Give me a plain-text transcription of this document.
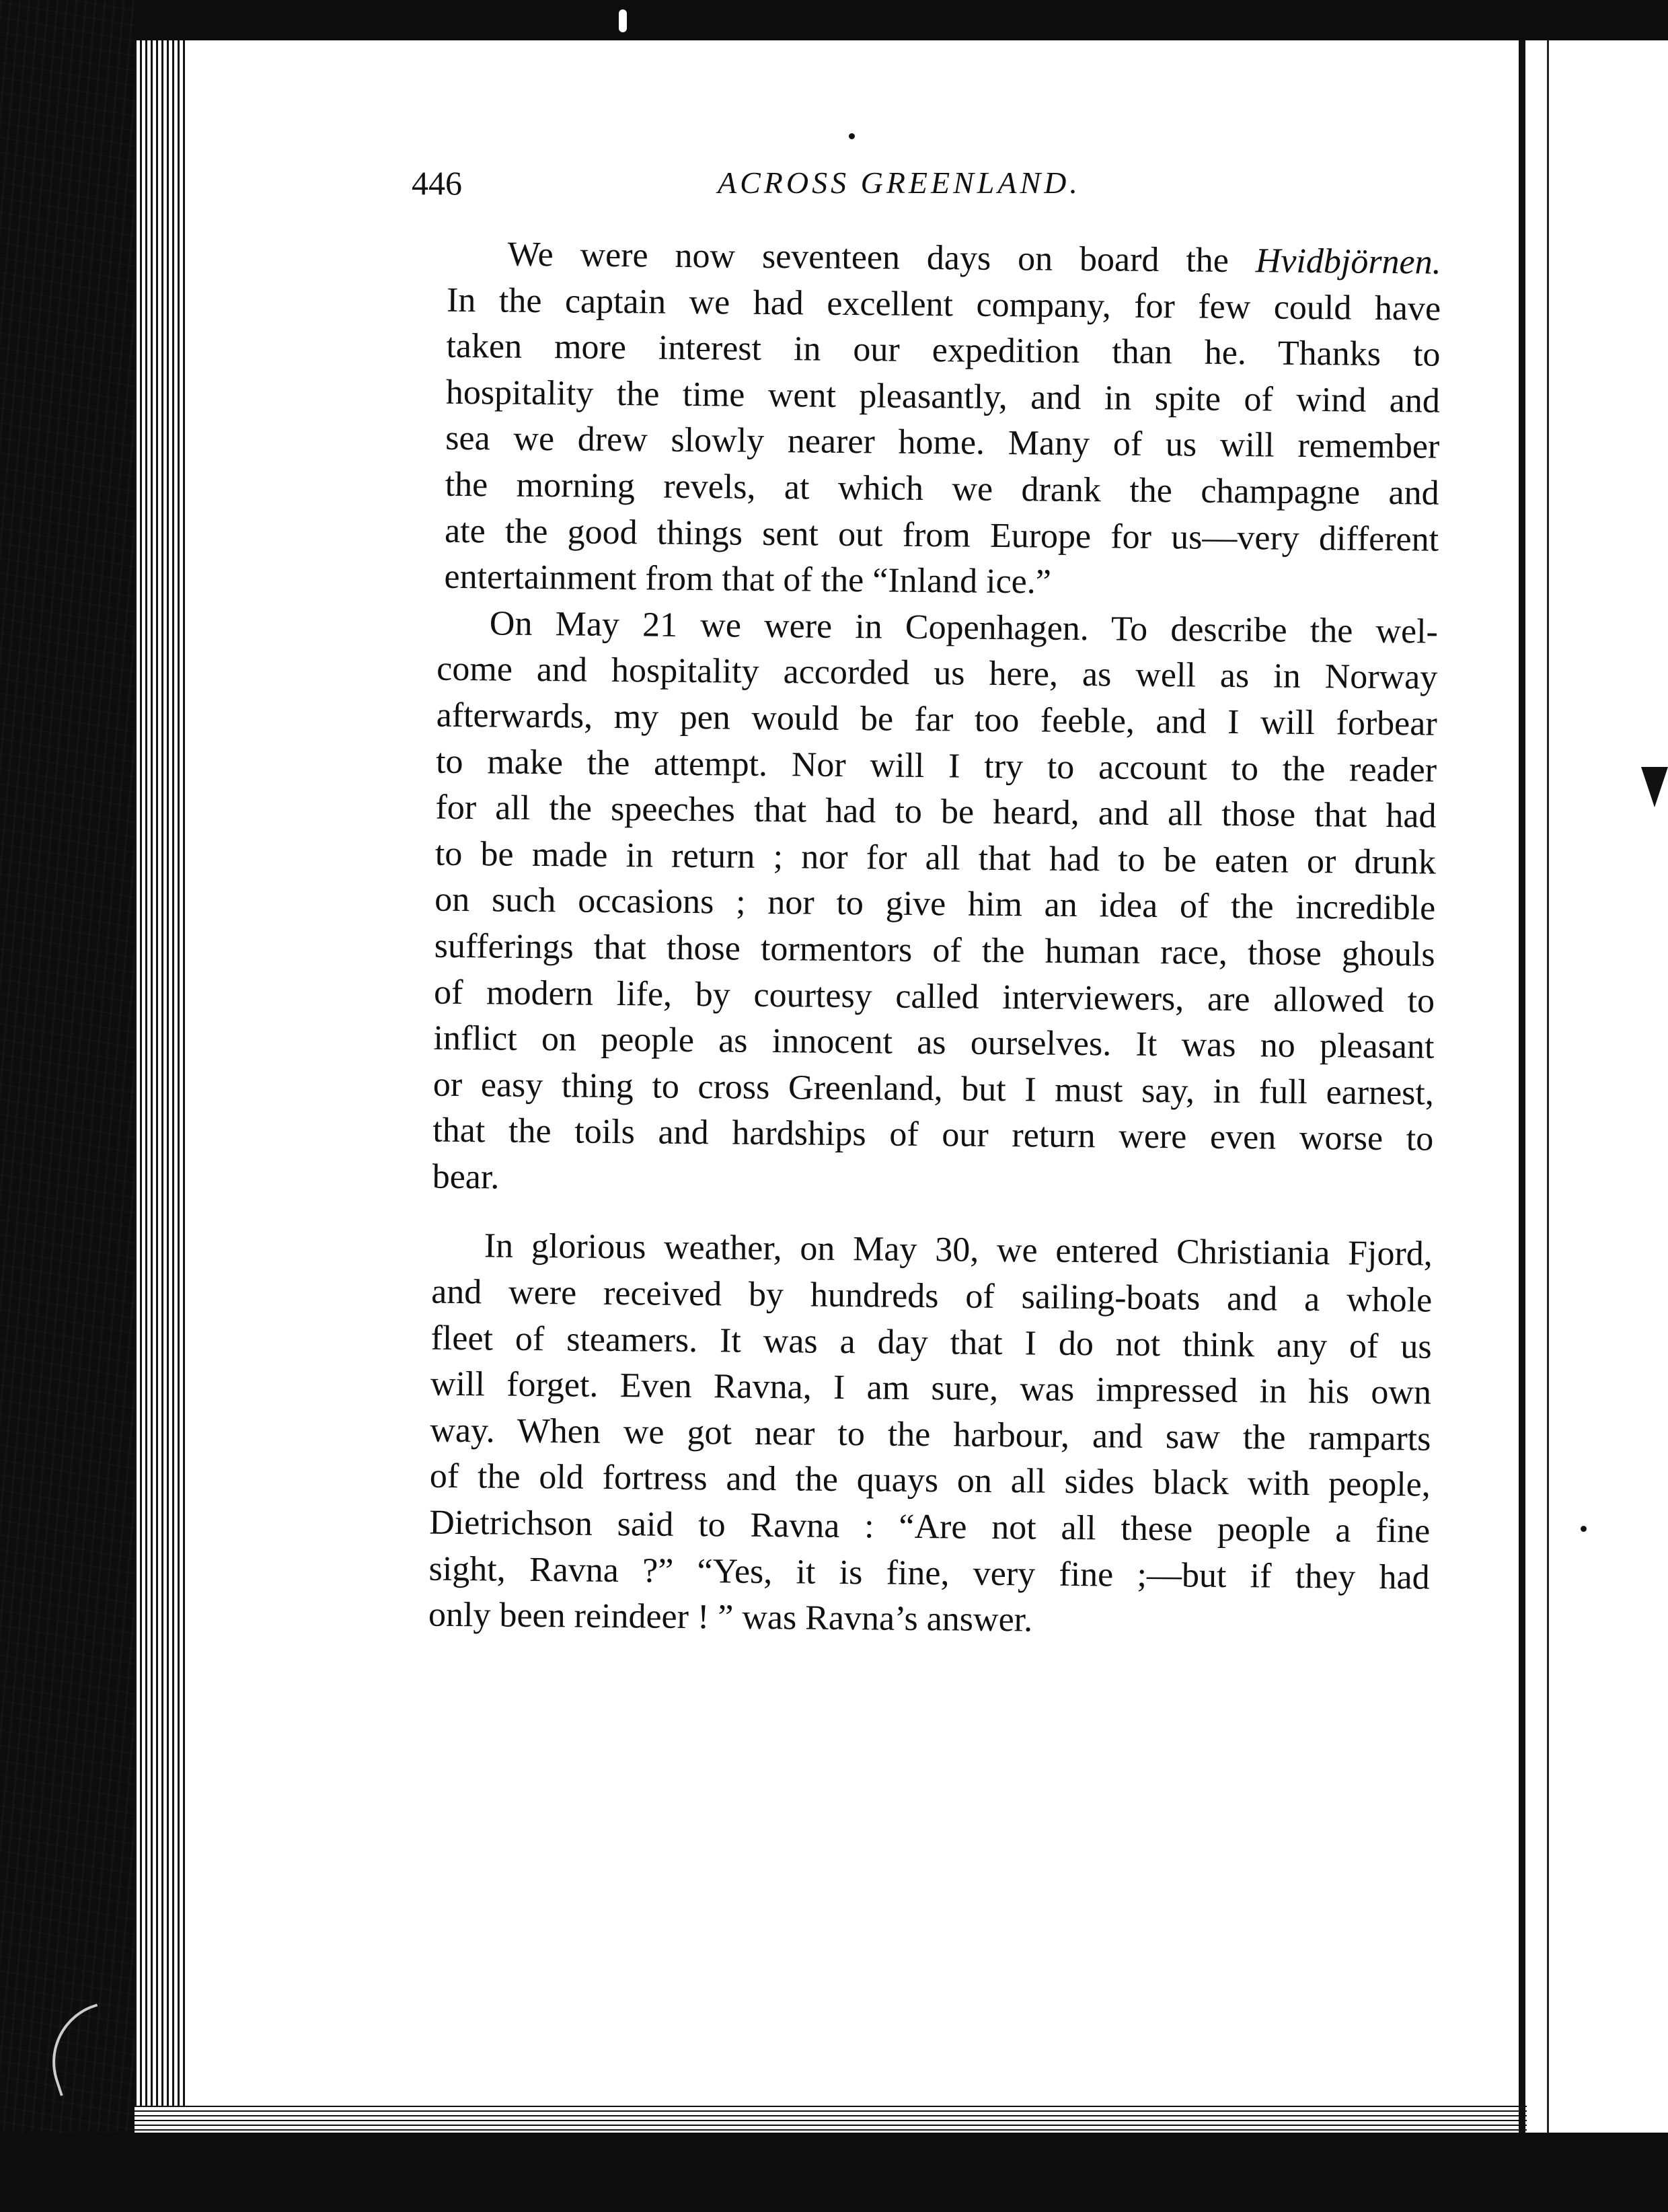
446	ACROSS GREENLAND.

We were now seventeen days on board the Hvidbjörnen.
In the captain we had excellent company, for few could have
taken more interest in our expedition than he. Thanks to
hospitality the time went pleasantly, and in spite of wind and
sea we drew slowly nearer home. Many of us will remember
the morning revels, at which we drank the champagne and
ate the good things sent out from Europe for us—very different
entertainment from that of the “Inland ice.”

On May 21 we were in Copenhagen. To describe the wel-
come and hospitality accorded us here, as well as in Norway
afterwards, my pen would be far too feeble, and I will forbear
to make the attempt. Nor will I try to account to the reader
for all the speeches that had to be heard, and all those that had
to be made in return ; nor for all that had to be eaten or drunk
on such occasions ; nor to give him an idea of the incredible
sufferings that those tormentors of the human race, those ghouls
of modern life, by courtesy called interviewers, are allowed to
inflict on people as innocent as ourselves. It was no pleasant
or easy thing to cross Greenland, but I must say, in full earnest,
that the toils and hardships of our return were even worse to
bear.

In glorious weather, on May 30, we entered Christiania Fjord,
and were received by hundreds of sailing-boats and a whole
fleet of steamers. It was a day that I do not think any of us
will forget. Even Ravna, I am sure, was impressed in his own
way. When we got near to the harbour, and saw the ramparts
of the old fortress and the quays on all sides black with people,
Dietrichson said to Ravna : “Are not all these people a fine
sight, Ravna ?” “Yes, it is fine, very fine ;—but if they had
only been reindeer ! ” was Ravna’s answer.
